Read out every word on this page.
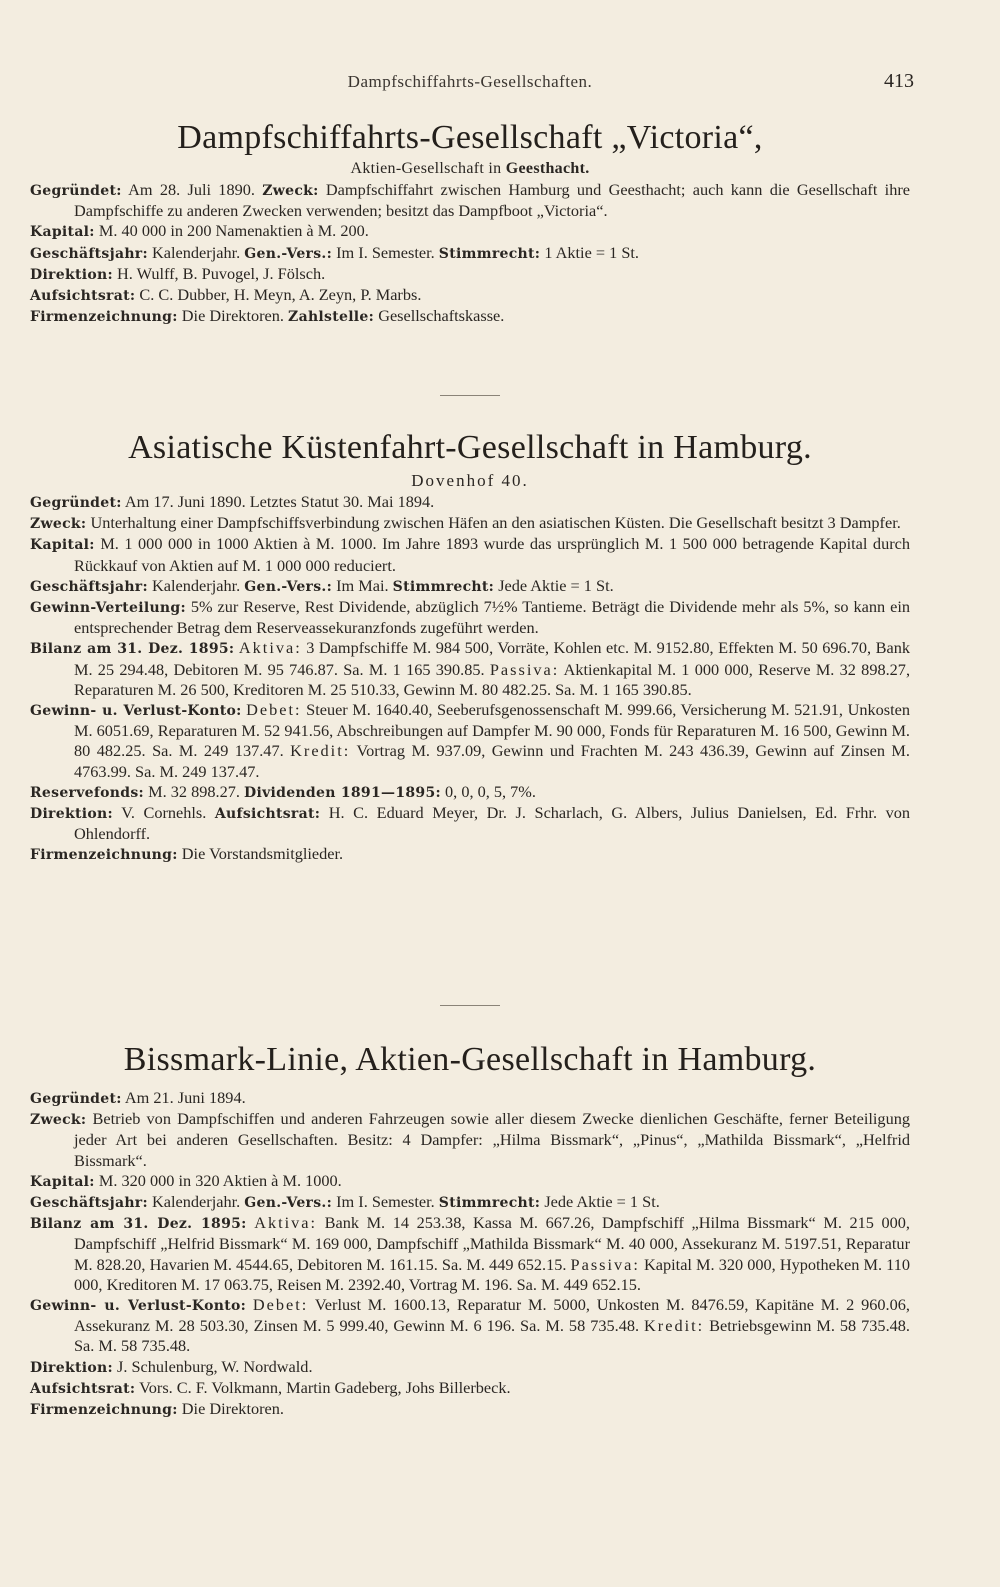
Dampfschiffahrts-Gesellschaften.	413
Dampfschiffahrts-Gesellschaft „Victoria“,
Aktien-Gesellschaft in Geesthacht.

Gegründet: Am 28. Juli 1890. Zweck: Dampfschiffahrt zwischen Hamburg und Geesthacht; auch kann die Gesellschaft ihre Dampfschiffe zu anderen Zwecken verwenden; besitzt das Dampfboot „Victoria“.

Kapital: M. 40 000 in 200 Namenaktien à M. 200.

Geschäftsjahr: Kalenderjahr. Gen.-Vers.: Im I. Semester. Stimmrecht: 1 Aktie = 1 St.

Direktion: H. Wulff, B. Puvogel, J. Fölsch.

Aufsichtsrat: C. C. Dubber, H. Meyn, A. Zeyn, P. Marbs.

Firmenzeichnung: Die Direktoren. Zahlstelle: Gesellschaftskasse.

Asiatische Küstenfahrt-Gesellschaft in Hamburg.
Dovenhof 40.

Gegründet: Am 17. Juni 1890. Letztes Statut 30. Mai 1894.

Zweck: Unterhaltung einer Dampfschiffsverbindung zwischen Häfen an den asiatischen Küsten. Die Gesellschaft besitzt 3 Dampfer.

Kapital: M. 1 000 000 in 1000 Aktien à M. 1000. Im Jahre 1893 wurde das ursprünglich M. 1 500 000 betragende Kapital durch Rückkauf von Aktien auf M. 1 000 000 reduciert.

Geschäftsjahr: Kalenderjahr. Gen.-Vers.: Im Mai. Stimmrecht: Jede Aktie = 1 St.

Gewinn-Verteilung: 5% zur Reserve, Rest Dividende, abzüglich 7½% Tantieme. Beträgt die Dividende mehr als 5%, so kann ein entsprechender Betrag dem Reserveassekuranzfonds zugeführt werden.

Bilanz am 31. Dez. 1895: Aktiva: 3 Dampfschiffe M. 984 500, Vorräte, Kohlen etc. M. 9152.80, Effekten M. 50 696.70, Bank M. 25 294.48, Debitoren M. 95 746.87. Sa. M. 1 165 390.85. Passiva: Aktienkapital M. 1 000 000, Reserve M. 32 898.27, Reparaturen M. 26 500, Kreditoren M. 25 510.33, Gewinn M. 80 482.25. Sa. M. 1 165 390.85.

Gewinn- u. Verlust-Konto: Debet: Steuer M. 1640.40, Seeberufsgenossenschaft M. 999.66, Versicherung M. 521.91, Unkosten M. 6051.69, Reparaturen M. 52 941.56, Abschreibungen auf Dampfer M. 90 000, Fonds für Reparaturen M. 16 500, Gewinn M. 80 482.25. Sa. M. 249 137.47. Kredit: Vortrag M. 937.09, Gewinn und Frachten M. 243 436.39, Gewinn auf Zinsen M. 4763.99. Sa. M. 249 137.47.

Reservefonds: M. 32 898.27. Dividenden 1891—1895: 0, 0, 0, 5, 7%.

Direktion: V. Cornehls. Aufsichtsrat: H. C. Eduard Meyer, Dr. J. Scharlach, G. Albers, Julius Danielsen, Ed. Frhr. von Ohlendorff.

Firmenzeichnung: Die Vorstandsmitglieder.

Bissmark-Linie, Aktien-Gesellschaft in Hamburg.

Gegründet: Am 21. Juni 1894.

Zweck: Betrieb von Dampfschiffen und anderen Fahrzeugen sowie aller diesem Zwecke dienlichen Geschäfte, ferner Beteiligung jeder Art bei anderen Gesellschaften. Besitz: 4 Dampfer: „Hilma Bissmark“, „Pinus“, „Mathilda Bissmark“, „Helfrid Bissmark“.

Kapital: M. 320 000 in 320 Aktien à M. 1000.

Geschäftsjahr: Kalenderjahr. Gen.-Vers.: Im I. Semester. Stimmrecht: Jede Aktie = 1 St.

Bilanz am 31. Dez. 1895: Aktiva: Bank M. 14 253.38, Kassa M. 667.26, Dampfschiff „Hilma Bissmark“ M. 215 000, Dampfschiff „Helfrid Bissmark“ M. 169 000, Dampfschiff „Mathilda Bissmark“ M. 40 000, Assekuranz M. 5197.51, Reparatur M. 828.20, Havarien M. 4544.65, Debitoren M. 161.15. Sa. M. 449 652.15. Passiva: Kapital M. 320 000, Hypotheken M. 110 000, Kreditoren M. 17 063.75, Reisen M. 2392.40, Vortrag M. 196. Sa. M. 449 652.15.

Gewinn- u. Verlust-Konto: Debet: Verlust M. 1600.13, Reparatur M. 5000, Unkosten M. 8476.59, Kapitäne M. 2 960.06, Assekuranz M. 28 503.30, Zinsen M. 5 999.40, Gewinn M. 6 196. Sa. M. 58 735.48. Kredit: Betriebsgewinn M. 58 735.48. Sa. M. 58 735.48.

Direktion: J. Schulenburg, W. Nordwald.

Aufsichtsrat: Vors. C. F. Volkmann, Martin Gadeberg, Johs Billerbeck.

Firmenzeichnung: Die Direktoren.
